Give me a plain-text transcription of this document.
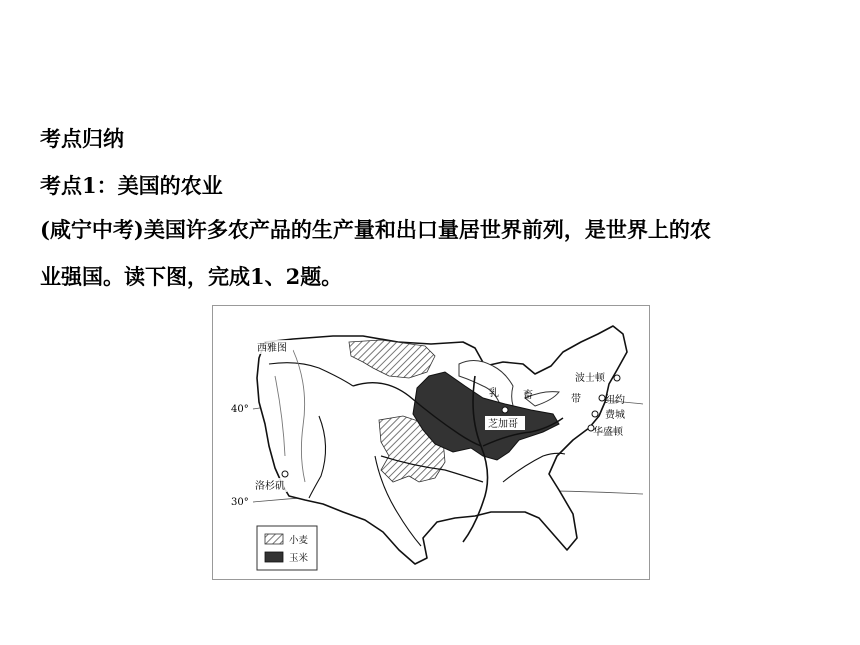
考点归纳
考点1：美国的农业
(咸宁中考)美国许多农产品的生产量和出口量居世界前列，是世界上的农
业强国。读下图，完成1、2题。
西雅图
洛杉矶
芝加哥
波士顿
纽约
费城
华盛顿
乳 畜	带
40°
30°
小麦
玉米
